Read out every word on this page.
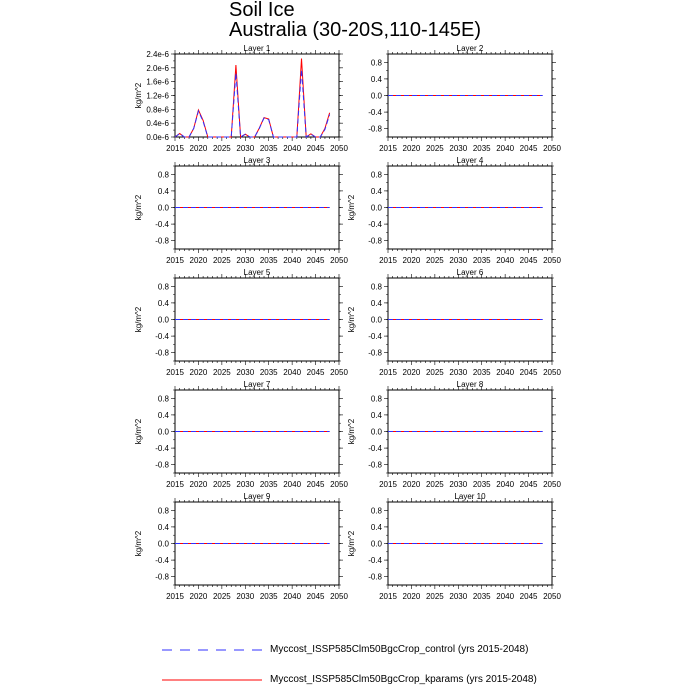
Soil Ice
Australia (30-20S,110-145E)
Layer 1
2015 2020 2025 2030 2035 2040 2045 2050
0.0e-6
0.4e-6
0.8e-6
1.2e-6
1.6e-6
2.0e-6
2.4e-6
kg/m^2
Layer 2
2015 2020 2025 2030 2035 2040 2045 2050
-0.8
-0.4
0.0
0.4
0.8
Layer 3
2015 2020 2025 2030 2035 2040 2045 2050
-0.8
-0.4
0.0
0.4
0.8
kg/m^2
Layer 4
2015 2020 2025 2030 2035 2040 2045 2050
-0.8
-0.4
0.0
0.4
0.8
kg/m^2
Layer 5
2015 2020 2025 2030 2035 2040 2045 2050
-0.8
-0.4
0.0
0.4
0.8
kg/m^2
Layer 6
2015 2020 2025 2030 2035 2040 2045 2050
-0.8
-0.4
0.0
0.4
0.8
kg/m^2
Layer 7
2015 2020 2025 2030 2035 2040 2045 2050
-0.8
-0.4
0.0
0.4
0.8
kg/m^2
Layer 8
2015 2020 2025 2030 2035 2040 2045 2050
-0.8
-0.4
0.0
0.4
0.8
kg/m^2
Layer 9
2015 2020 2025 2030 2035 2040 2045 2050
-0.8
-0.4
0.0
0.4
0.8
kg/m^2
Layer 10
2015 2020 2025 2030 2035 2040 2045 2050
-0.8
-0.4
0.0
0.4
0.8
kg/m^2
Myccost_ISSP585Clm50BgcCrop_control (yrs 2015-2048)
Myccost_ISSP585Clm50BgcCrop_kparams (yrs 2015-2048)
